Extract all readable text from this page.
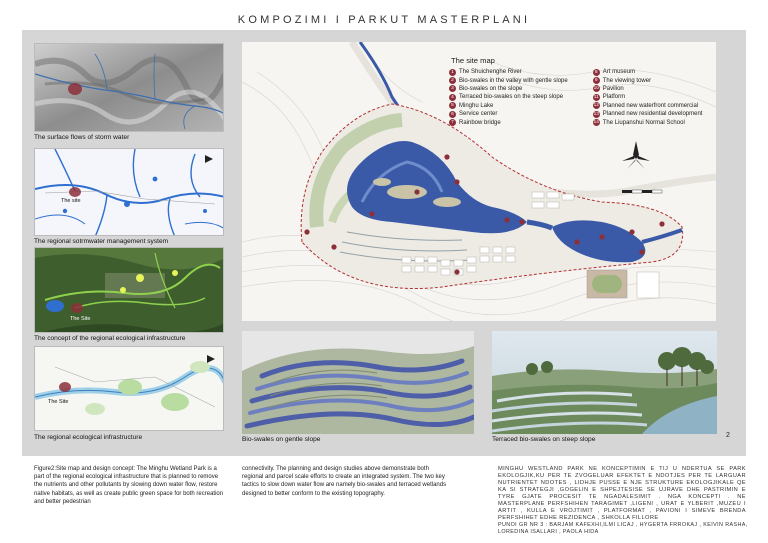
KOMPOZIMI I PARKUT MASTERPLANI
The surface flows of storm water
The site
The regional sotrmwater management system
The Site
The concept of the regional ecological infrastructure
The Site
The regional ecological infrastructure
The site map
1 The Shuichenghe River
2 Bio-swales in the valley with gentle slope
3 Bio-swales on the slope
4 Terraced bio-swales on the steep slope
5 Minghu Lake
6 Service center
7 Rainbow bridge
8 Art museum
9 The viewing tower
10 Pavilion
11 Platform
12 Planned new waterfront commercial
13 Planned new residential development
14 The Liupanshui Normal School
Bio-swales on gentle slope	Terraced bio-swales on steep slope
2
Figure2:Site map and design concept: The Minghu Wetland Park is a part of the regional ecological infrastructure that is planned to remove the nutrients and other pollutants by slowing down water flow, restore native habitats, as well as create public green space for both recreation and better pedestrian
connectivity. The planning and design studies above demonstrate both regional and parcel scale efforts to create an integrated system. The two key tactics to slow down water flow are namely bio-swales and terraced wetlands designed to better conform to the existing topography.
MINGHU WESTLAND PARK NE KONCEPTIMIN E TIJ U NDERTUA SE PARK EKOLOGJIK,KU PER TE ZVOGELUAR EFEKTET E NDOTJES PER TE LARGUAR NUTRIENTET NDOTES , LIDHJE PUSSE E NJE STRUKTURE EKOLOGJIKALE QE KA SI STRATEGJI ,GOGELIN E SHPEJTESISE SE UJRAVE DHE PASTRIMIN E TYRE GJATE PROCESIT TE NGADALESIMIT . NGA KONCEPTI . NE MASTERPLANE PERFSHIHEN TARAGIMET ,LIGENI , URAT E YLBERIT ,MUZEU I ARTIT , KULLA E VROJTIMIT , PLATFORMAT , PAVIONI I SIMEVE BRENDA PERFSHIHET EDHE REZIDENCA , SHKOLLA FILLORE
PUNOI GR NR 3 : BARJAM KAFEXHI,ILMI LICAJ , HYGERTA FRROKAJ , KEIVIN RASHA, LOREDINA ISALLARI , PAOLA HIDA
